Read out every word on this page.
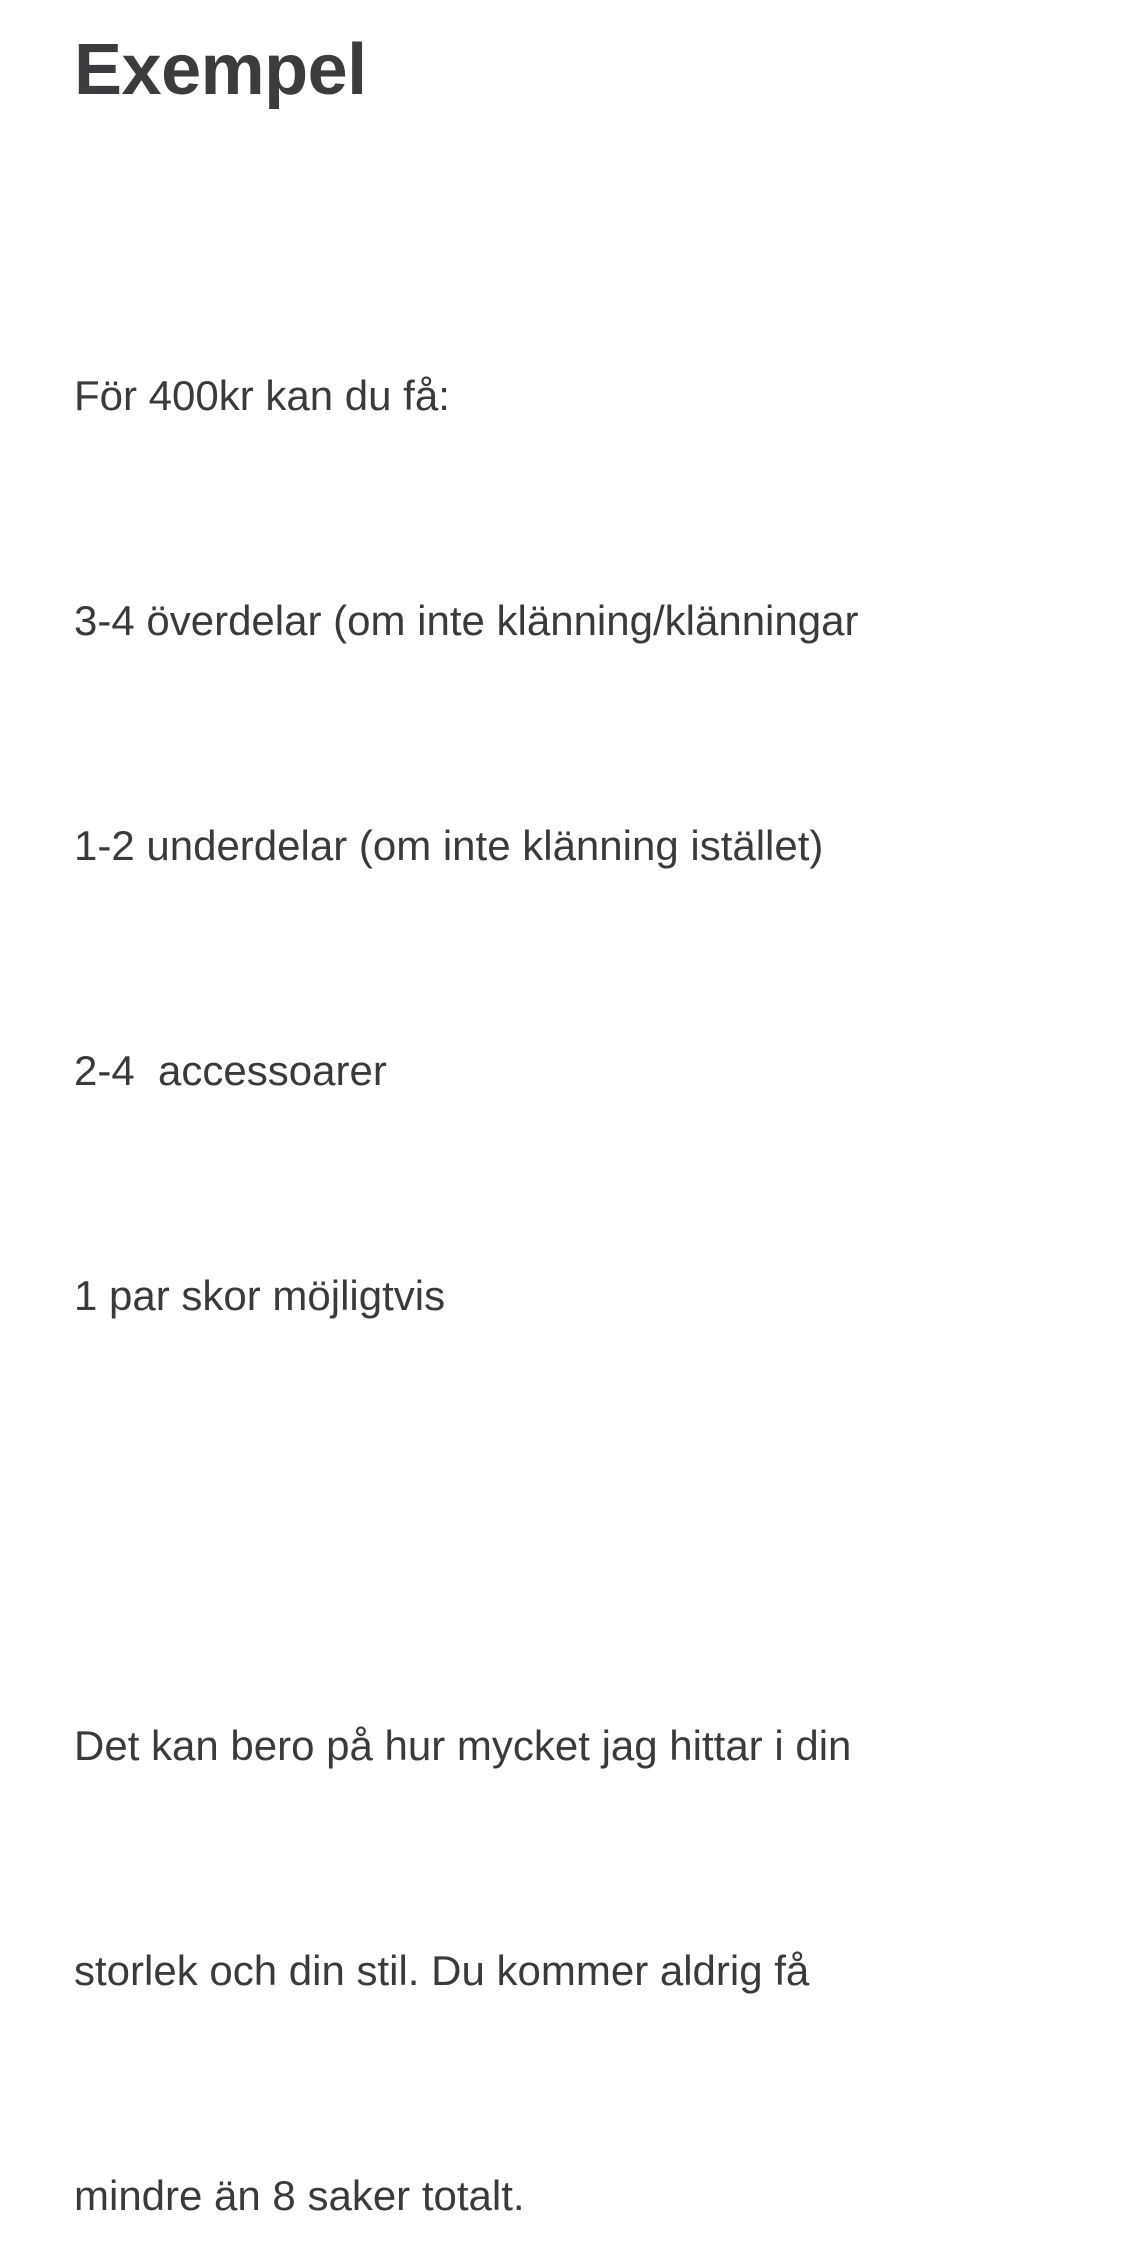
Exempel

För 400kr kan du få:

3-4 överdelar (om inte klänning/klänningar

1-2 underdelar (om inte klänning istället)

2-4  accessoarer

1 par skor möjligtvis

Det kan bero på hur mycket jag hittar i din

storlek och din stil. Du kommer aldrig få

mindre än 8 saker totalt.
